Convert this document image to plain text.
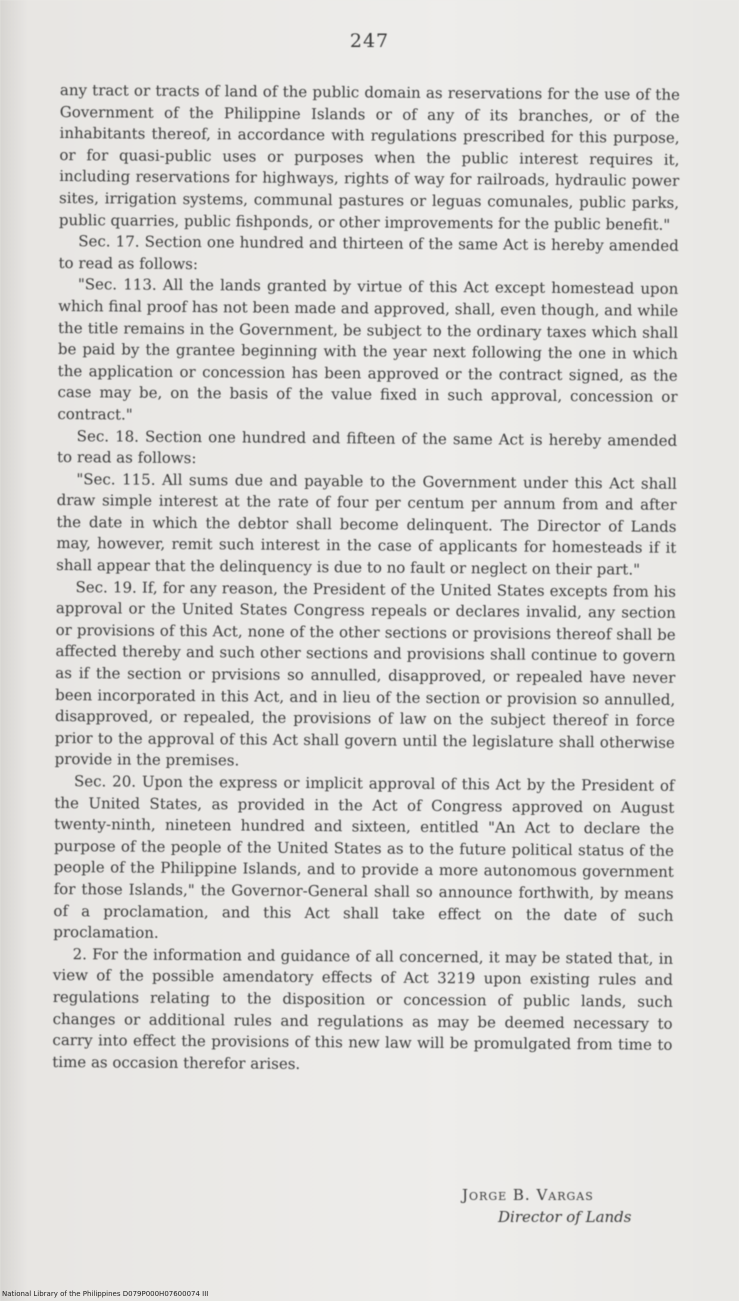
247

any tract or tracts of land of the public domain as reservations for the use of the Government of the Philippine Islands or of any of its branches, or of the inhabitants thereof, in accordance with regulations prescribed for this purpose, or for quasi-public uses or purposes when the public interest requires it, including reservations for highways, rights of way for railroads, hydraulic power sites, irrigation systems, communal pastures or leguas comunales, public parks, public quarries, public fishponds, or other improvements for the public benefit."

Sec. 17. Section one hundred and thirteen of the same Act is hereby amended to read as follows:

"Sec. 113. All the lands granted by virtue of this Act except homestead upon which final proof has not been made and approved, shall, even though, and while the title remains in the Government, be subject to the ordinary taxes which shall be paid by the grantee beginning with the year next following the one in which the application or concession has been approved or the contract signed, as the case may be, on the basis of the value fixed in such approval, concession or contract."

Sec. 18. Section one hundred and fifteen of the same Act is hereby amended to read as follows:

"Sec. 115. All sums due and payable to the Government under this Act shall draw simple interest at the rate of four per centum per annum from and after the date in which the debtor shall become delinquent. The Director of Lands may, however, remit such interest in the case of applicants for homesteads if it shall appear that the delinquency is due to no fault or neglect on their part."

Sec. 19. If, for any reason, the President of the United States excepts from his approval or the United States Congress repeals or declares invalid, any section or provisions of this Act, none of the other sections or provisions thereof shall be affected thereby and such other sections and provisions shall continue to govern as if the section or prvisions so annulled, disapproved, or repealed have never been incorporated in this Act, and in lieu of the section or provision so annulled, disapproved, or repealed, the provisions of law on the subject thereof in force prior to the approval of this Act shall govern until the legislature shall otherwise provide in the premises.

Sec. 20. Upon the express or implicit approval of this Act by the President of the United States, as provided in the Act of Congress approved on August twenty-ninth, nineteen hundred and sixteen, entitled "An Act to declare the purpose of the people of the United States as to the future political status of the people of the Philippine Islands, and to provide a more autonomous government for those Islands," the Governor-General shall so announce forthwith, by means of a proclamation, and this Act shall take effect on the date of such proclamation.

2. For the information and guidance of all concerned, it may be stated that, in view of the possible amendatory effects of Act 3219 upon existing rules and regulations relating to the disposition or concession of public lands, such changes or additional rules and regulations as may be deemed necessary to carry into effect the provisions of this new law will be promulgated from time to time as occasion therefor arises.

Jorge B. Vargas
Director of Lands
National Library of the Philippines D079P000H07600074 III
